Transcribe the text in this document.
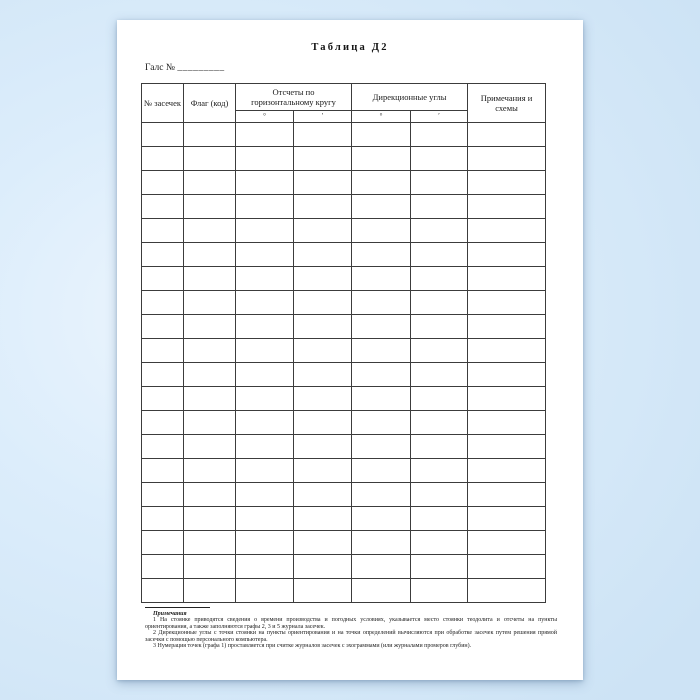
Таблица Д2
Галс № _________
№ засечек	Флаг (код)	Отсчеты по горизонтальному кругу		Дирекционные углы		Примечания и схемы
		°	′	°	′	

Примечания

1 На стоянке приводятся сведения о времени производства и погодных условиях, указывается место стоянки теодолита и отсчеты на пункты ориентирования, а также заполняются графы 2, 3 и 5 журнала засечек.

2 Дирекционные углы с точки стоянки на пункты ориентирования и на точки определений вычисляются при обработке засечек путем решения прямой засечки с помощью персонального компьютера.

3 Нумерация точек (графа 1) проставляется при считке журналов засечек с эхограммами (или журналами промеров глубин).
